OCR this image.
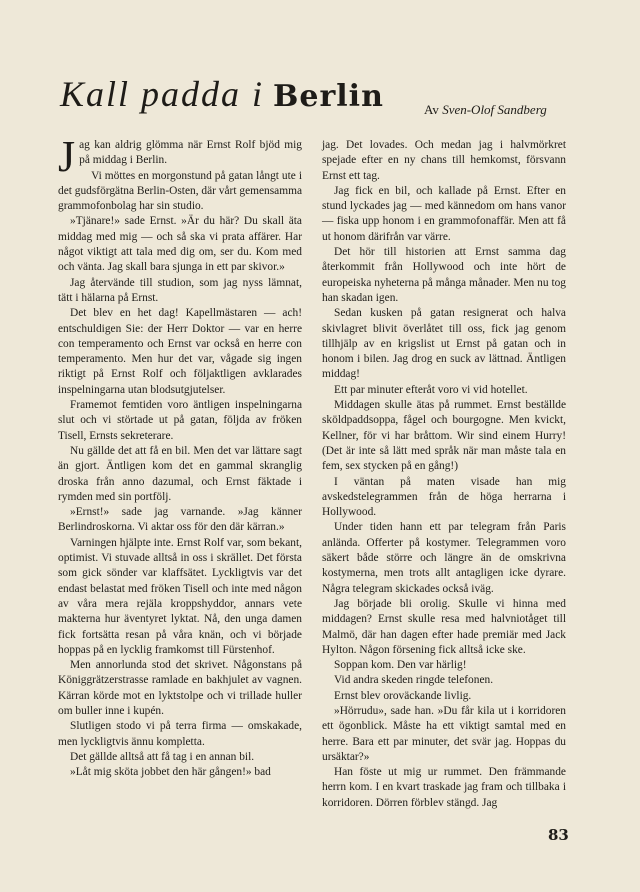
Kall padda i Berlin	Av Sven-Olof Sandberg

Jag kan aldrig glömma när Ernst Rolf bjöd mig på middag i Berlin.

Vi möttes en morgonstund på gatan långt ute i det gudsförgätna Berlin-Osten, där vårt gemensamma grammofonbolag har sin studio.

»Tjänare!» sade Ernst. »Är du här? Du skall äta middag med mig — och så ska vi prata affärer. Har något viktigt att tala med dig om, ser du. Kom med och vänta. Jag skall bara sjunga in ett par skivor.»

Jag återvände till studion, som jag nyss lämnat, tätt i hälarna på Ernst.

Det blev en het dag! Kapellmästaren — ach! entschuldigen Sie: der Herr Doktor — var en herre con temperamento och Ernst var också en herre con temperamento. Men hur det var, vågade sig ingen riktigt på Ernst Rolf och följaktligen avklarades inspelningarna utan blodsutgjutelser.

Framemot femtiden voro äntligen inspelningarna slut och vi störtade ut på gatan, följda av fröken Tisell, Ernsts sekreterare.

Nu gällde det att få en bil. Men det var lättare sagt än gjort. Äntligen kom det en gammal skranglig droska från anno dazumal, och Ernst fäktade i rymden med sin portfölj.

»Ernst!» sade jag varnande. »Jag känner Berlindroskorna. Vi aktar oss för den där kärran.»

Varningen hjälpte inte. Ernst Rolf var, som bekant, optimist. Vi stuvade alltså in oss i skrället. Det första som gick sönder var klaffsätet. Lyckligtvis var det endast belastat med fröken Tisell och inte med någon av våra mera rejäla kroppshyddor, annars vete makterna hur äventyret lyktat. Nå, den unga damen fick fortsätta resan på våra knän, och vi började hoppas på en lycklig framkomst till Fürstenhof.

Men annorlunda stod det skrivet. Någonstans på Königgrätzerstrasse ramlade en bakhjulet av vagnen. Kärran körde mot en lyktstolpe och vi trillade huller om buller inne i kupén.

Slutligen stodo vi på terra firma — omskakade, men lyckligtvis ännu kompletta.

Det gällde alltså att få tag i en annan bil.

»Låt mig sköta jobbet den här gången!» bad

jag. Det lovades. Och medan jag i halvmörkret spejade efter en ny chans till hemkomst, försvann Ernst ett tag.

Jag fick en bil, och kallade på Ernst. Efter en stund lyckades jag — med kännedom om hans vanor — fiska upp honom i en grammofonaffär. Men att få ut honom därifrån var värre.

Det hör till historien att Ernst samma dag återkommit från Hollywood och inte hört de europeiska nyheterna på många månader. Men nu tog han skadan igen.

Sedan kusken på gatan resignerat och halva skivlagret blivit överlåtet till oss, fick jag genom tillhjälp av en krigslist ut Ernst på gatan och in honom i bilen. Jag drog en suck av lättnad. Äntligen middag!

Ett par minuter efteråt voro vi vid hotellet.

Middagen skulle ätas på rummet. Ernst beställde sköldpaddsoppa, fågel och bourgogne. Men kvickt, Kellner, för vi har bråttom. Wir sind einem Hurry! (Det är inte så lätt med språk när man måste tala en fem, sex stycken på en gång!)

I väntan på maten visade han mig avskedstelegrammen från de höga herrarna i Hollywood.

Under tiden hann ett par telegram från Paris anlända. Offerter på kostymer. Telegrammen voro säkert både större och längre än de omskrivna kostymerna, men trots allt antagligen icke dyrare. Några telegram skickades också iväg.

Jag började bli orolig. Skulle vi hinna med middagen? Ernst skulle resa med halvniotåget till Malmö, där han dagen efter hade premiär med Jack Hylton. Någon försening fick alltså icke ske.

Soppan kom. Den var härlig!

Vid andra skeden ringde telefonen.

Ernst blev oroväckande livlig.

»Hörrudu», sade han. »Du får kila ut i korridoren ett ögonblick. Måste ha ett viktigt samtal med en herre. Bara ett par minuter, det svär jag. Hoppas du ursäktar?»

Han föste ut mig ur rummet. Den främmande herrn kom. I en kvart traskade jag fram och tillbaka i korridoren. Dörren förblev stängd. Jag

83
